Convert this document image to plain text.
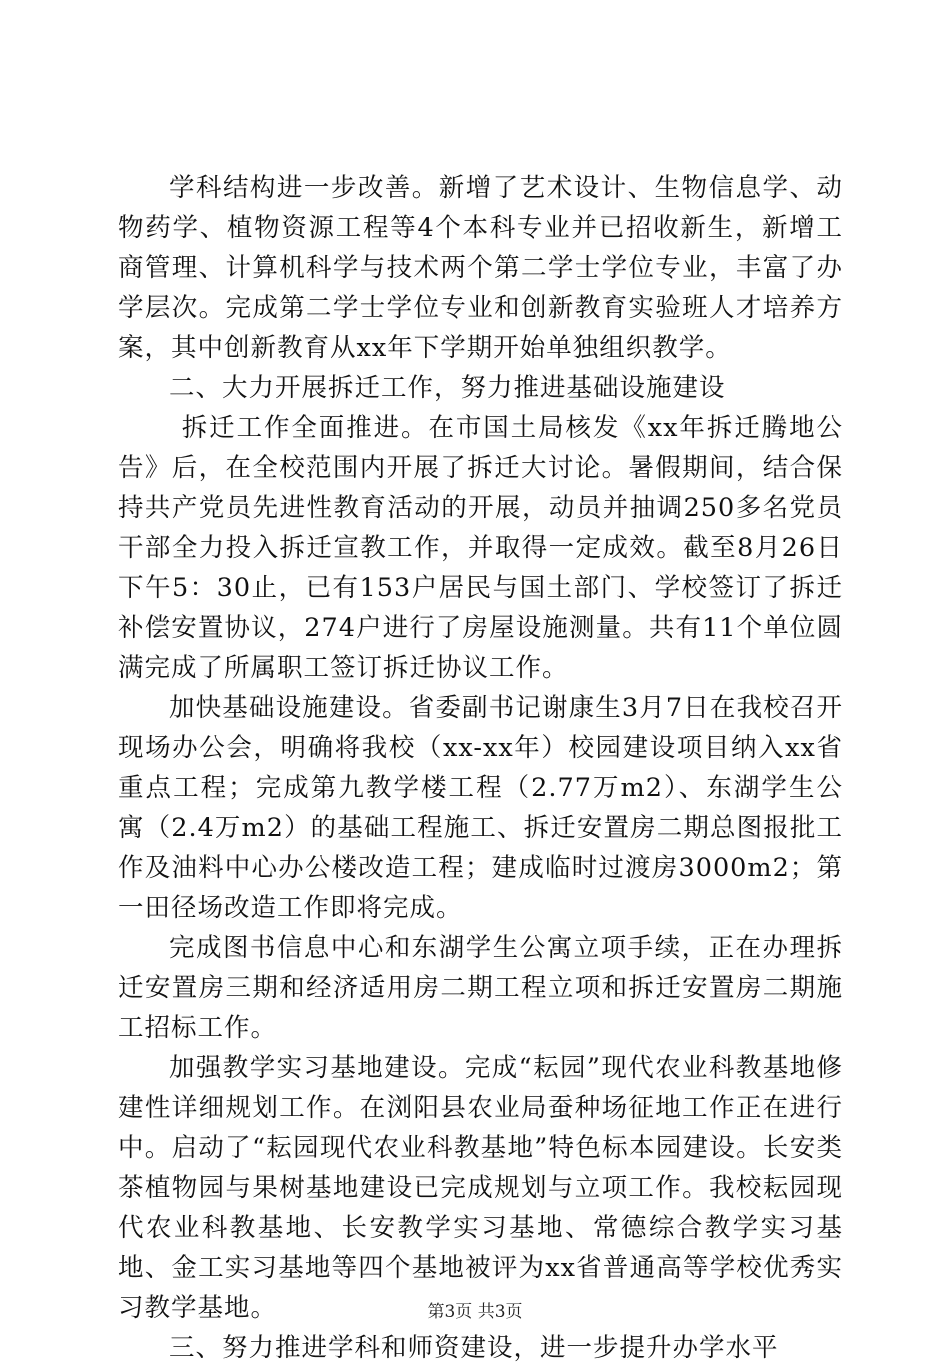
学科结构进一步改善。新增了艺术设计、生物信息学、动物药学、植物资源工程等4个本科专业并已招收新生，新增工商管理、计算机科学与技术两个第二学士学位专业，丰富了办学层次。完成第二学士学位专业和创新教育实验班人才培养方案，其中创新教育从xx年下学期开始单独组织教学。

二、大力开展拆迁工作，努力推进基础设施建设

拆迁工作全面推进。在市国土局核发《xx年拆迁腾地公告》后，在全校范围内开展了拆迁大讨论。暑假期间，结合保持共产党员先进性教育活动的开展，动员并抽调250多名党员干部全力投入拆迁宣教工作，并取得一定成效。截至8月26日下午5：30止，已有153户居民与国土部门、学校签订了拆迁补偿安置协议，274户进行了房屋设施测量。共有11个单位圆满完成了所属职工签订拆迁协议工作。

加快基础设施建设。省委副书记谢康生3月7日在我校召开现场办公会，明确将我校（xx-xx年）校园建设项目纳入xx省重点工程；完成第九教学楼工程（2.77万m2）、东湖学生公寓（2.4万m2）的基础工程施工、拆迁安置房二期总图报批工作及油料中心办公楼改造工程；建成临时过渡房3000m2；第一田径场改造工作即将完成。

完成图书信息中心和东湖学生公寓立项手续，正在办理拆迁安置房三期和经济适用房二期工程立项和拆迁安置房二期施工招标工作。

加强教学实习基地建设。完成“耘园”现代农业科教基地修建性详细规划工作。在浏阳县农业局蚕种场征地工作正在进行中。启动了“耘园现代农业科教基地”特色标本园建设。长安类茶植物园与果树基地建设已完成规划与立项工作。我校耘园现代农业科教基地、长安教学实习基地、常德综合教学实习基地、金工实习基地等四个基地被评为xx省普通高等学校优秀实习教学基地。

三、努力推进学科和师资建设，进一步提升办学水平

第3页 共3页
